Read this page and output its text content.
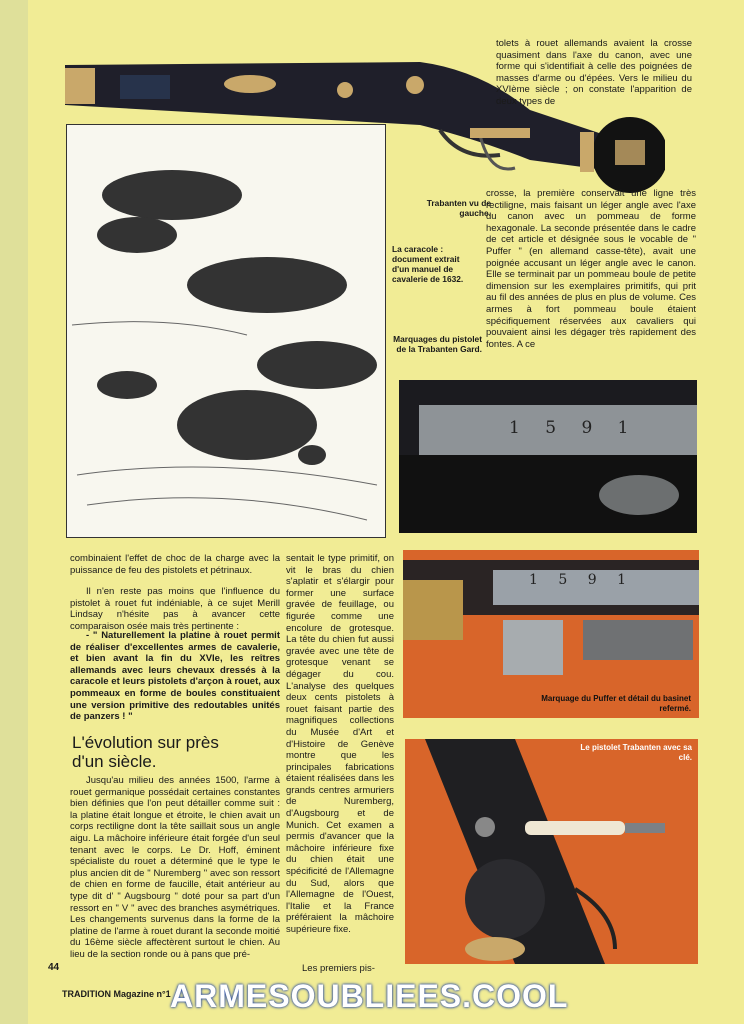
tolets à rouet allemands avaient la crosse quasiment dans l'axe du canon, avec une forme qui s'identifiait à celle des poignées de masses d'arme ou d'épées. Vers le milieu du XVIème siècle ; on constate l'apparition de deux types de
Trabanten vu de gauche.
La caracole : document extrait d'un manuel de cavalerie de 1632.
Marquages du pistolet de la Trabanten Gard.
crosse, la première conservait une ligne très rectiligne, mais faisant un léger angle avec l'axe du canon avec un pommeau de forme hexagonale. La seconde présentée dans le cadre de cet article et désignée sous le vocable de " Puffer " (en allemand casse-tête), avait une poignée accusant un léger angle avec le canon. Elle se terminait par un pommeau boule de petite dimension sur les exemplaires primitifs, qui prit au fil des années de plus en plus de volume. Ces armes à fort pommeau boule étaient spécifiquement réservées aux cavaliers qui pouvaient ainsi les dégager très rapidement des fontes. A ce
1 5 9 1
1 5 9 1
Marquage du Puffer et détail du basinet refermé.
Le pistolet Trabanten avec sa clé.
combinaient l'effet de choc de la charge avec la puissance de feu des pistolets et pétrinaux.
Il n'en reste pas moins que l'influence du pistolet à rouet fut indéniable, à ce sujet Merill Lindsay n'hésite pas à avancer cette comparaison osée mais très pertinente :
- " Naturellement la platine à rouet permit de réaliser d'excellentes armes de cavalerie, et bien avant la fin du XVIe, les reîtres allemands avec leurs chevaux dressés à la caracole et leurs pistolets d'arçon à rouet, aux pommeaux en forme de boules constituaient une version primitive des redoutables unités de panzers ! "
L'évolution sur près d'un siècle.
Jusqu'au milieu des années 1500, l'arme à rouet germanique possédait certaines constantes bien définies que l'on peut détailler comme suit : la platine était longue et étroite, le chien avait un corps rectiligne dont la tête saillait sous un angle aigu. La mâchoire inférieure était forgée d'un seul tenant avec le corps. Le Dr. Hoff, éminent spécialiste du rouet a déterminé que le type le plus ancien dit de " Nuremberg " avec son ressort de chien en forme de faucille, était antérieur au type dit d' " Augsbourg " doté pour sa part d'un ressort en " V " avec des branches asymétriques. Les changements survenus dans la forme de la platine de l'arme à rouet durant la seconde moitié du 16ème siècle affectèrent surtout le chien. Au lieu de la section ronde ou à pans que pré-
sentait le type primitif, on vit le bras du chien s'aplatir et s'élargir pour former une surface gravée de feuillage, ou figurée comme une encolure de grotesque. La tête du chien fut aussi gravée avec une tête de grotesque venant se dégager du cou. L'analyse des quelques deux cents pistolets à rouet faisant partie des magnifiques collections du Musée d'Art et d'Histoire de Genève montre que les principales fabrications étaient réalisées dans les grands centres armuriers de Nuremberg, d'Augsbourg et de Munich. Cet examen a permis d'avancer que la mâchoire inférieure fixe du chien était une spécificité de l'Allemagne du Sud, alors que l'Allemagne de l'Ouest, l'Italie et la France préféraient la mâchoire supérieure fixe.
Les premiers pis-
44
TRADITION Magazine n°1 ARMESOUBLIEES.COOL
